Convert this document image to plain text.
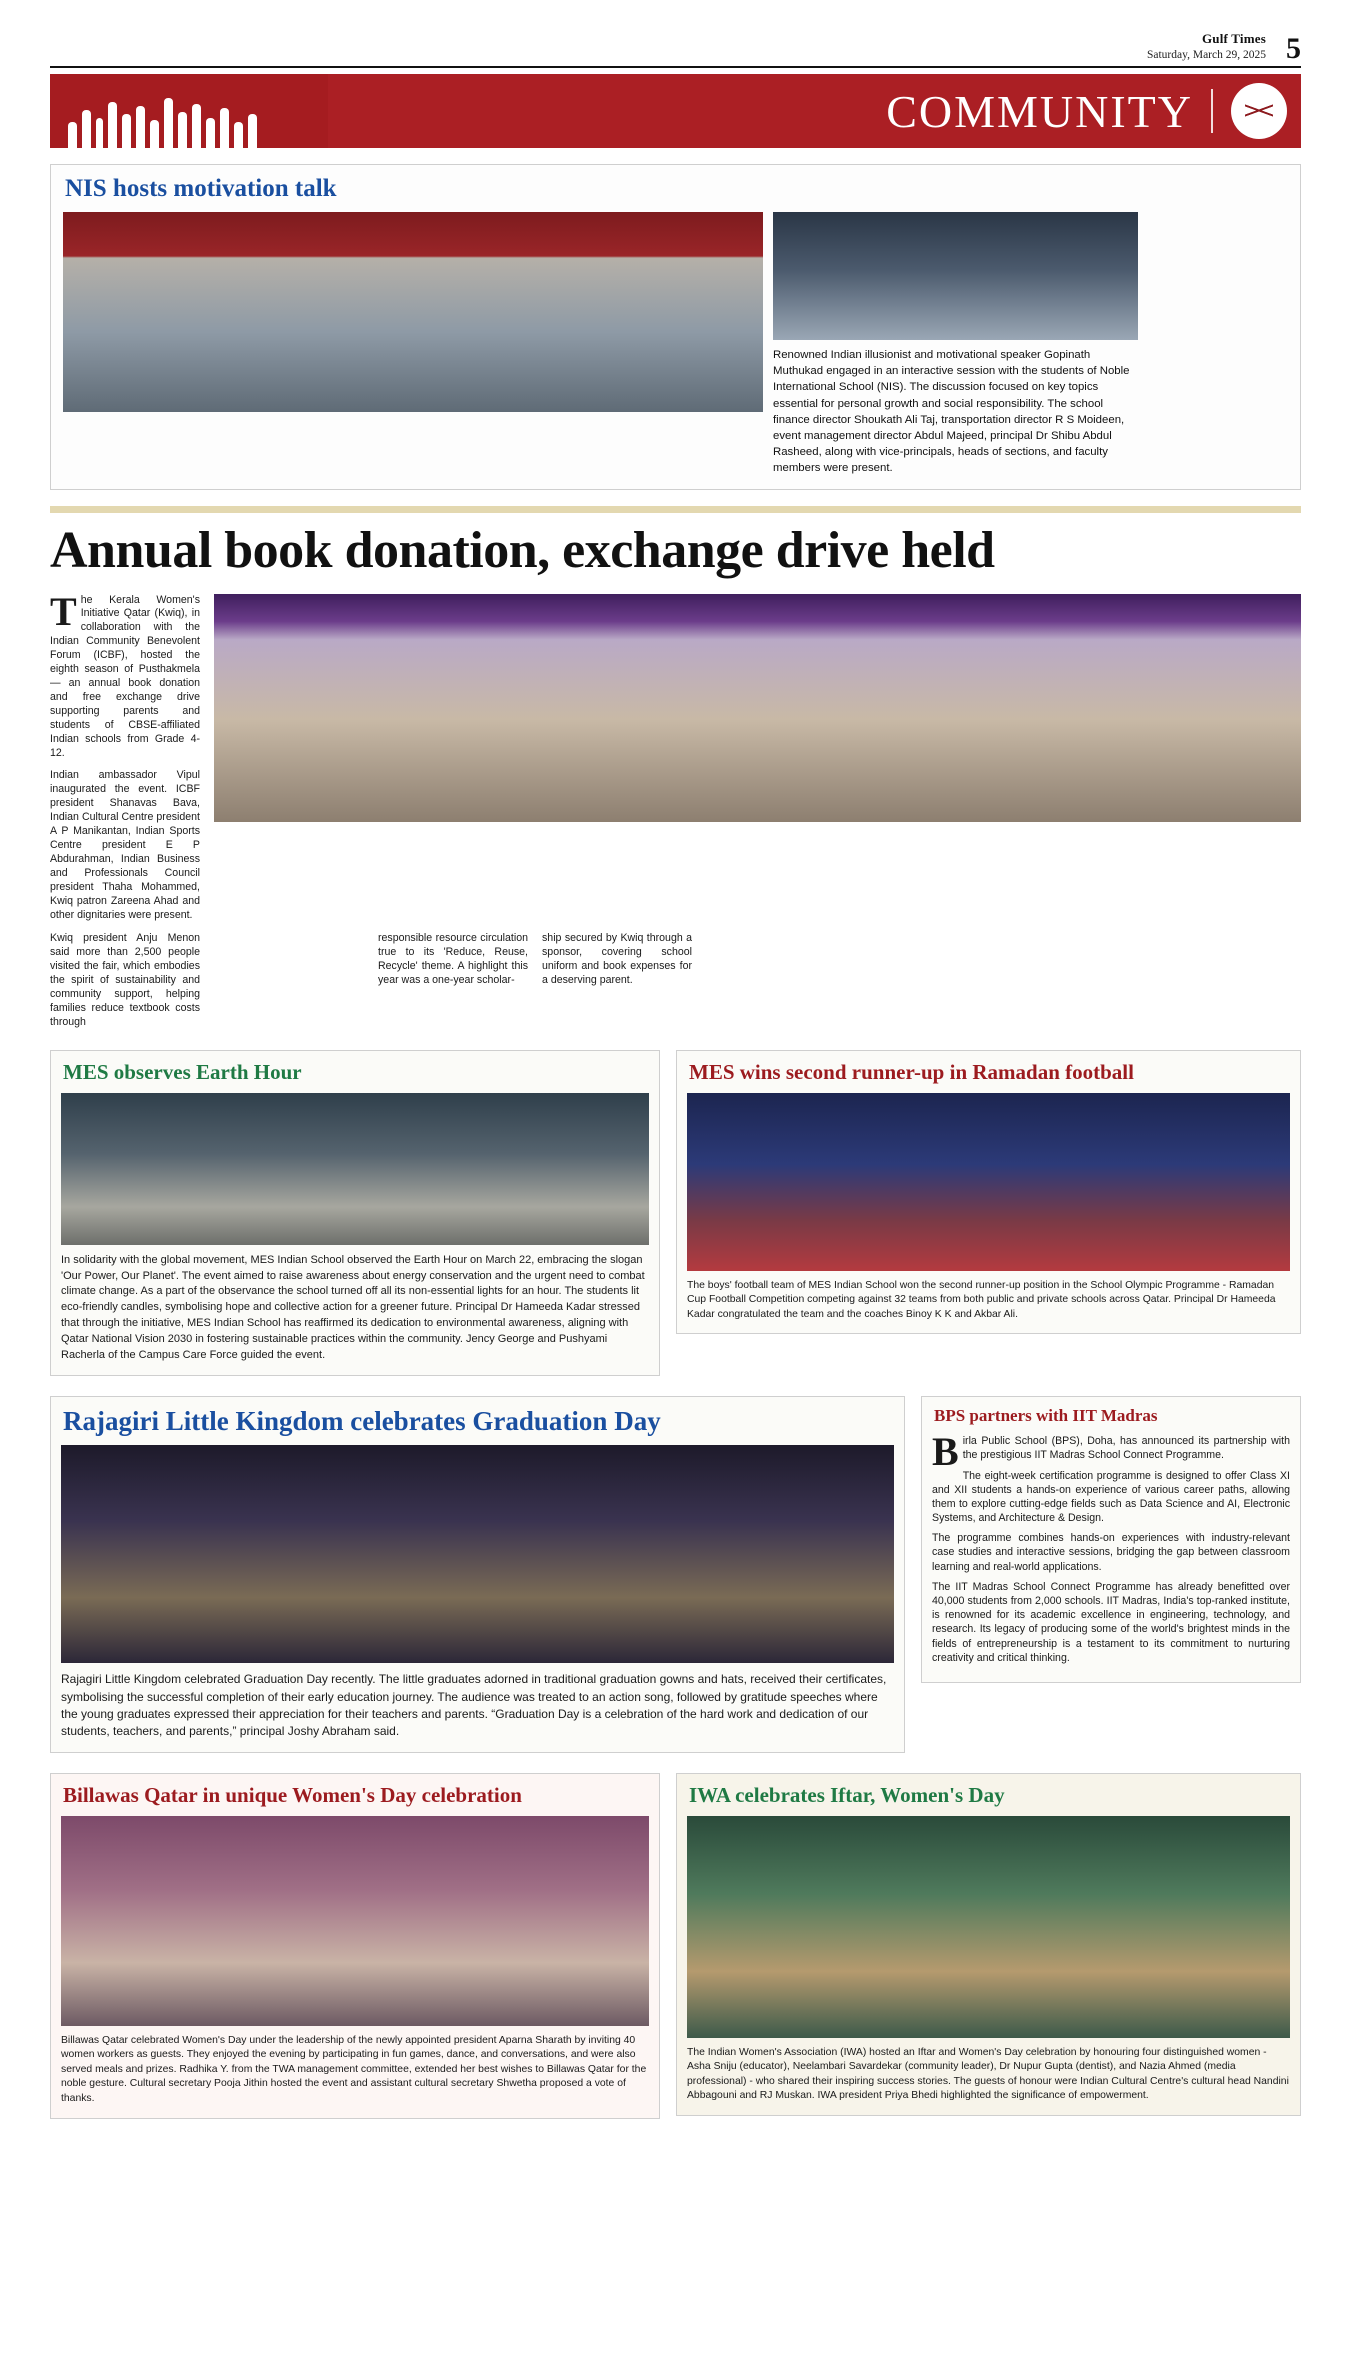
Gulf Times
Saturday, March 29, 2025 5
COMMUNITY
NIS hosts motivation talk
Renowned Indian illusionist and motivational speaker Gopinath Muthukad engaged in an interactive session with the students of Noble International School (NIS). The discussion focused on key topics essential for personal growth and social responsibility. The school finance director Shoukath Ali Taj, transportation director R S Moideen, event management director Abdul Majeed, principal Dr Shibu Abdul Rasheed, along with vice-principals, heads of sections, and faculty members were present.
Annual book donation, exchange drive held

The Kerala Women's Initiative Qatar (Kwiq), in collaboration with the Indian Community Benevolent Forum (ICBF), hosted the eighth season of Pusthakmela — an annual book donation and free exchange drive supporting parents and students of CBSE-affiliated Indian schools from Grade 4-12.

Indian ambassador Vipul inaugurated the event. ICBF president Shanavas Bava, Indian Cultural Centre president A P Manikantan, Indian Sports Centre president E P Abdurahman, Indian Business and Professionals Council president Thaha Mohammed, Kwiq patron Zareena Ahad and other dignitaries were present.

Kwiq president Anju Menon said more than 2,500 people visited the fair, which embodies the spirit of sustainability and community support, helping families reduce textbook costs through
responsible resource circulation true to its 'Reduce, Reuse, Recycle' theme. A highlight this year was a one-year scholar-
ship secured by Kwiq through a sponsor, covering school uniform and book expenses for a deserving parent.
MES observes Earth Hour
In solidarity with the global movement, MES Indian School observed the Earth Hour on March 22, embracing the slogan 'Our Power, Our Planet'. The event aimed to raise awareness about energy conservation and the urgent need to combat climate change. As a part of the observance the school turned off all its non-essential lights for an hour. The students lit eco-friendly candles, symbolising hope and collective action for a greener future. Principal Dr Hameeda Kadar stressed that through the initiative, MES Indian School has reaffirmed its dedication to environmental awareness, aligning with Qatar National Vision 2030 in fostering sustainable practices within the community. Jency George and Pushyami Racherla of the Campus Care Force guided the event.
MES wins second runner-up in Ramadan football
The boys' football team of MES Indian School won the second runner-up position in the School Olympic Programme - Ramadan Cup Football Competition competing against 32 teams from both public and private schools across Qatar. Principal Dr Hameeda Kadar congratulated the team and the coaches Binoy K K and Akbar Ali.
Rajagiri Little Kingdom celebrates Graduation Day
Rajagiri Little Kingdom celebrated Graduation Day recently. The little graduates adorned in traditional graduation gowns and hats, received their certificates, symbolising the successful completion of their early education journey. The audience was treated to an action song, followed by gratitude speeches where the young graduates expressed their appreciation for their teachers and parents. “Graduation Day is a celebration of the hard work and dedication of our students, teachers, and parents,” principal Joshy Abraham said.
BPS partners with IIT Madras

Birla Public School (BPS), Doha, has announced its partnership with the prestigious IIT Madras School Connect Programme.

The eight-week certification programme is designed to offer Class XI and XII students a hands-on experience of various career paths, allowing them to explore cutting-edge fields such as Data Science and AI, Electronic Systems, and Architecture & Design.

The programme combines hands-on experiences with industry-relevant case studies and interactive sessions, bridging the gap between classroom learning and real-world applications.

The IIT Madras School Connect Programme has already benefitted over 40,000 students from 2,000 schools. IIT Madras, India's top-ranked institute, is renowned for its academic excellence in engineering, technology, and research. Its legacy of producing some of the world's brightest minds in the fields of entrepreneurship is a testament to its commitment to nurturing creativity and critical thinking.

Billawas Qatar in unique Women's Day celebration
Billawas Qatar celebrated Women's Day under the leadership of the newly appointed president Aparna Sharath by inviting 40 women workers as guests. They enjoyed the evening by participating in fun games, dance, and conversations, and were also served meals and prizes. Radhika Y. from the TWA management committee, extended her best wishes to Billawas Qatar for the noble gesture. Cultural secretary Pooja Jithin hosted the event and assistant cultural secretary Shwetha proposed a vote of thanks.
IWA celebrates Iftar, Women's Day
The Indian Women's Association (IWA) hosted an Iftar and Women's Day celebration by honouring four distinguished women - Asha Sniju (educator), Neelambari Savardekar (community leader), Dr Nupur Gupta (dentist), and Nazia Ahmed (media professional) - who shared their inspiring success stories. The guests of honour were Indian Cultural Centre's cultural head Nandini Abbagouni and RJ Muskan. IWA president Priya Bhedi highlighted the significance of empowerment.
